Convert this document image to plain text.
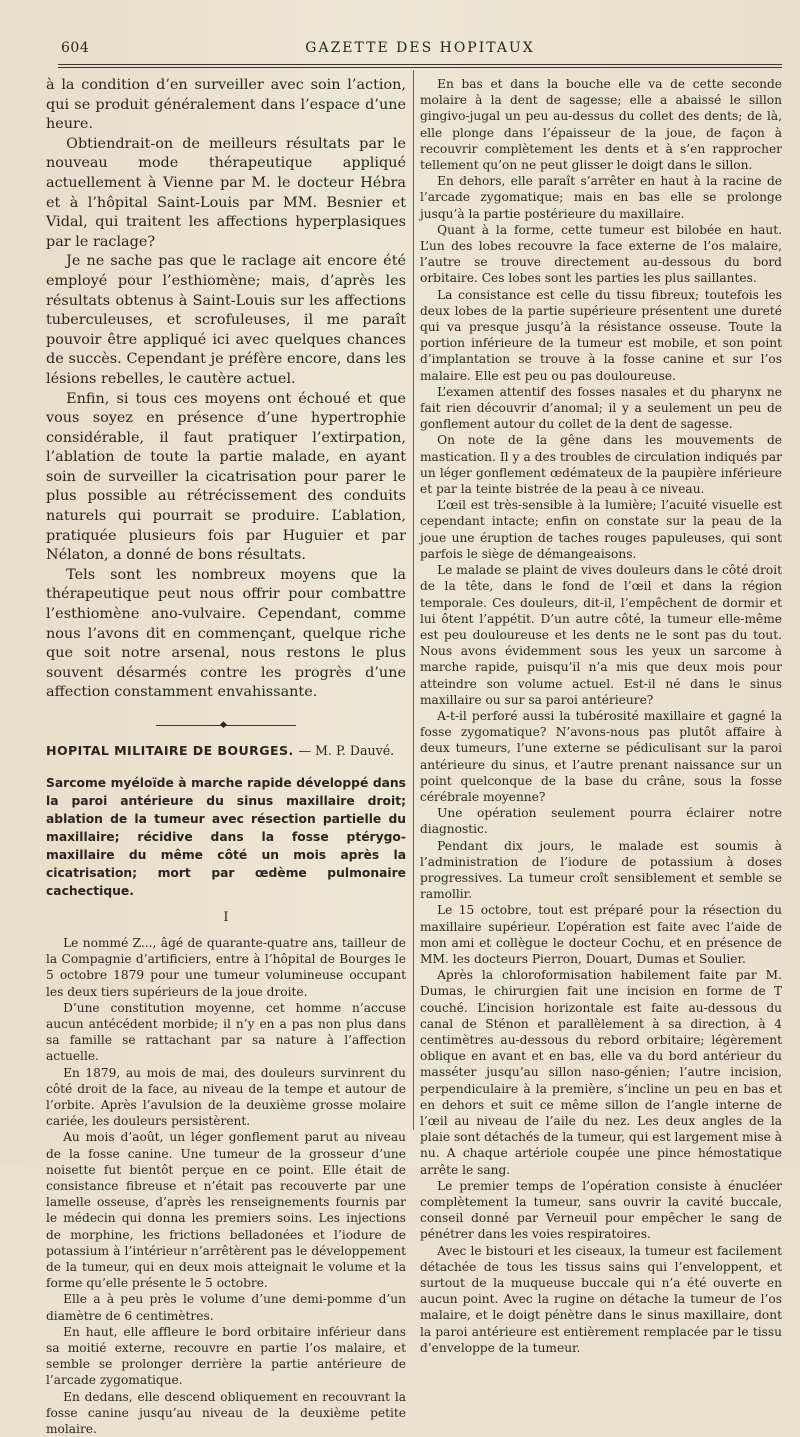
604	GAZETTE DES HOPITAUX

à la condition d’en surveiller avec soin l’action, qui se produit généralement dans l’espace d’une heure.

Obtiendrait-on de meilleurs résultats par le nouveau mode thérapeutique appliqué actuellement à Vienne par M. le docteur Hébra et à l’hôpital Saint-Louis par MM. Besnier et Vidal, qui traitent les affections hyperplasiques par le raclage?

Je ne sache pas que le raclage ait encore été employé pour l’esthiomène; mais, d’après les résultats obtenus à Saint-Louis sur les affections tuberculeuses, et scrofuleuses, il me paraît pouvoir être appliqué ici avec quelques chances de succès. Cependant je préfère encore, dans les lésions rebelles, le cautère actuel.

Enfin, si tous ces moyens ont échoué et que vous soyez en présence d’une hypertrophie considérable, il faut pratiquer l’extirpation, l’ablation de toute la partie malade, en ayant soin de surveiller la cicatrisation pour parer le plus possible au rétrécissement des conduits naturels qui pourrait se produire. L’ablation, pratiquée plusieurs fois par Huguier et par Nélaton, a donné de bons résultats.

Tels sont les nombreux moyens que la thérapeutique peut nous offrir pour combattre l’esthiomène ano-vulvaire. Cependant, comme nous l’avons dit en commençant, quelque riche que soit notre arsenal, nous restons le plus souvent désarmés contre les progrès d’une affection constamment envahissante.

◆
HOPITAL MILITAIRE DE BOURGES. — M. P. Dauvé.
Sarcome myéloïde à marche rapide développé dans la paroi antérieure du sinus maxillaire droit; ablation de la tumeur avec résection partielle du maxillaire; récidive dans la fosse ptérygo-maxillaire du même côté un mois après la cicatrisation; mort par œdème pulmonaire cachectique.
I

Le nommé Z..., âgé de quarante-quatre ans, tailleur de la Compagnie d’artificiers, entre à l’hôpital de Bourges le 5 octobre 1879 pour une tumeur volumineuse occupant les deux tiers supérieurs de la joue droite.

D’une constitution moyenne, cet homme n’accuse aucun antécédent morbide; il n’y en a pas non plus dans sa famille se rattachant par sa nature à l’affection actuelle.

En 1879, au mois de mai, des douleurs survinrent du côté droit de la face, au niveau de la tempe et autour de l’orbite. Après l’avulsion de la deuxième grosse molaire cariée, les douleurs persistèrent.

Au mois d’août, un léger gonflement parut au niveau de la fosse canine. Une tumeur de la grosseur d’une noisette fut bientôt perçue en ce point. Elle était de consistance fibreuse et n’était pas recouverte par une lamelle osseuse, d’après les renseignements fournis par le médecin qui donna les premiers soins. Les injections de morphine, les frictions belladonées et l’iodure de potassium à l’intérieur n’arrêtèrent pas le développement de la tumeur, qui en deux mois atteignait le volume et la forme qu’elle présente le 5 octobre.

Elle a à peu près le volume d’une demi-pomme d’un diamètre de 6 centimètres.

En haut, elle affleure le bord orbitaire inférieur dans sa moitié externe, recouvre en partie l’os malaire, et semble se prolonger derrière la partie antérieure de l’arcade zygomatique.

En dedans, elle descend obliquement en recouvrant la fosse canine jusqu’au niveau de la deuxième petite molaire.

En bas et dans la bouche elle va de cette seconde molaire à la dent de sagesse; elle a abaissé le sillon gingivo-jugal un peu au-dessus du collet des dents; de là, elle plonge dans l’épaisseur de la joue, de façon à recouvrir complètement les dents et à s’en rapprocher tellement qu’on ne peut glisser le doigt dans le sillon.

En dehors, elle paraît s’arrêter en haut à la racine de l’arcade zygomatique; mais en bas elle se prolonge jusqu’à la partie postérieure du maxillaire.

Quant à la forme, cette tumeur est bilobée en haut. L’un des lobes recouvre la face externe de l’os malaire, l’autre se trouve directement au-dessous du bord orbitaire. Ces lobes sont les parties les plus saillantes.

La consistance est celle du tissu fibreux; toutefois les deux lobes de la partie supérieure présentent une dureté qui va presque jusqu’à la résistance osseuse. Toute la portion inférieure de la tumeur est mobile, et son point d’implantation se trouve à la fosse canine et sur l’os malaire. Elle est peu ou pas douloureuse.

L’examen attentif des fosses nasales et du pharynx ne fait rien découvrir d’anomal; il y a seulement un peu de gonflement autour du collet de la dent de sagesse.

On note de la gêne dans les mouvements de mastication. Il y a des troubles de circulation indiqués par un léger gonflement œdémateux de la paupière inférieure et par la teinte bistrée de la peau à ce niveau.

L’œil est très-sensible à la lumière; l’acuité visuelle est cependant intacte; enfin on constate sur la peau de la joue une éruption de taches rouges papuleuses, qui sont parfois le siège de démangeaisons.

Le malade se plaint de vives douleurs dans le côté droit de la tête, dans le fond de l’œil et dans la région temporale. Ces douleurs, dit-il, l’empêchent de dormir et lui ôtent l’appétit. D’un autre côté, la tumeur elle-même est peu douloureuse et les dents ne le sont pas du tout. Nous avons évidemment sous les yeux un sarcome à marche rapide, puisqu’il n’a mis que deux mois pour atteindre son volume actuel. Est-il né dans le sinus maxillaire ou sur sa paroi antérieure?

A-t-il perforé aussi la tubérosité maxillaire et gagné la fosse zygomatique? N’avons-nous pas plutôt affaire à deux tumeurs, l’une externe se pédiculisant sur la paroi antérieure du sinus, et l’autre prenant naissance sur un point quelconque de la base du crâne, sous la fosse cérébrale moyenne?

Une opération seulement pourra éclairer notre diagnostic.

Pendant dix jours, le malade est soumis à l’administration de l’iodure de potassium à doses progressives. La tumeur croît sensiblement et semble se ramollir.

Le 15 octobre, tout est préparé pour la résection du maxillaire supérieur. L’opération est faite avec l’aide de mon ami et collègue le docteur Cochu, et en présence de MM. les docteurs Pierron, Douart, Dumas et Soulier.

Après la chloroformisation habilement faite par M. Dumas, le chirurgien fait une incision en forme de T couché. L’incision horizontale est faite au-dessous du canal de Sténon et parallèlement à sa direction, à 4 centimètres au-dessous du rebord orbitaire; légèrement oblique en avant et en bas, elle va du bord antérieur du masséter jusqu’au sillon naso-génien; l’autre incision, perpendiculaire à la première, s’incline un peu en bas et en dehors et suit ce même sillon de l’angle interne de l’œil au niveau de l’aile du nez. Les deux angles de la plaie sont détachés de la tumeur, qui est largement mise à nu. A chaque artériole coupée une pince hémostatique arrête le sang.

Le premier temps de l’opération consiste à énucléer complètement la tumeur, sans ouvrir la cavité buccale, conseil donné par Verneuil pour empêcher le sang de pénétrer dans les voies respiratoires.

Avec le bistouri et les ciseaux, la tumeur est facilement détachée de tous les tissus sains qui l’enveloppent, et surtout de la muqueuse buccale qui n’a été ouverte en aucun point. Avec la rugine on détache la tumeur de l’os malaire, et le doigt pénètre dans le sinus maxillaire, dont la paroi antérieure est entièrement remplacée par le tissu d’enveloppe de la tumeur.
